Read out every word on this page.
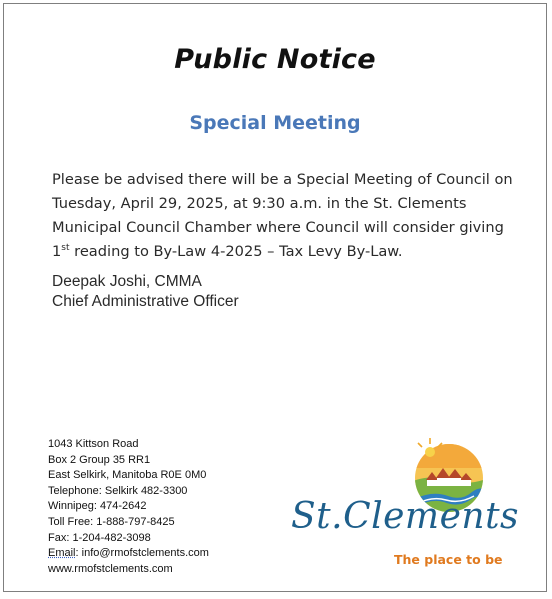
Public Notice
Special Meeting
Please be advised there will be a Special Meeting of Council on Tuesday, April 29, 2025, at 9:30 a.m. in the St. Clements Municipal Council Chamber where Council will consider giving 1st reading to By-Law 4-2025 – Tax Levy By-Law.
Deepak Joshi, CMMA
Chief Administrative Officer
1043 Kittson Road
Box 2 Group 35 RR1
East Selkirk, Manitoba R0E 0M0
Telephone: Selkirk 482-3300
Winnipeg: 474-2642
Toll Free: 1-888-797-8425
Fax: 1-204-482-3098
Email: info@rmofstclements.com
www.rmofstclements.com
St.Clements
The place to be
